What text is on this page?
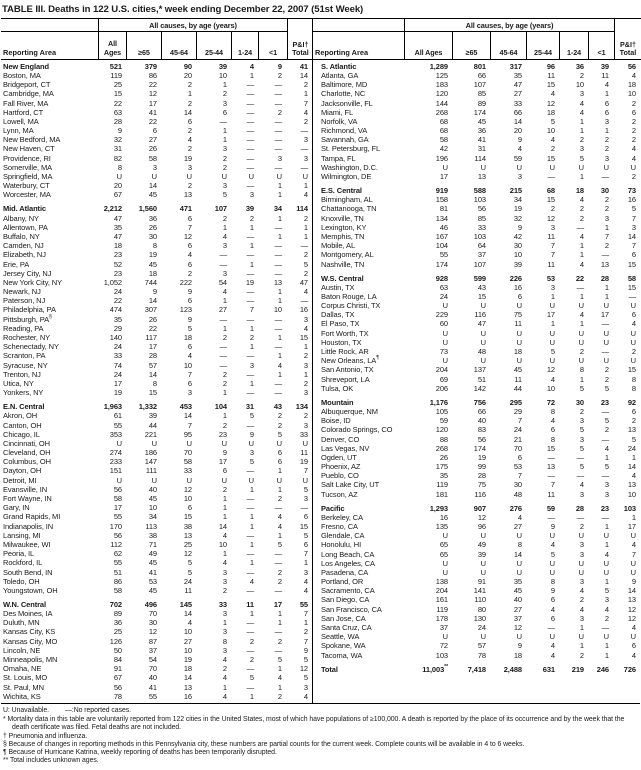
TABLE III. Deaths in 122 U.S. cities,* week ending December 22, 2007 (51st Week)
All causes, by age (years)
P&I†
Total
Reporting Area
All Ages	≥65	45-64	25-44	1-24	<1
New England	521	379	90	39	4	9	41
Boston, MA	119	86	20	10	1	2	14
Bridgeport, CT	25	22	2	1	—	—	2
Cambridge, MA	15	12	1	2	—	—	1
Fall River, MA	22	17	2	3	—	—	7
Hartford, CT	63	41	14	6	—	2	4
Lowell, MA	28	22	6	—	—	—	2
Lynn, MA	9	6	2	1	—	—	—
New Bedford, MA	32	27	4	1	—	—	3
New Haven, CT	31	26	2	3	—	—	—
Providence, RI	82	58	19	2	—	3	3
Somerville, MA	8	3	3	2	—	—	—
Springfield, MA	U	U	U	U	U	U	U
Waterbury, CT	20	14	2	3	—	1	1
Worcester, MA	67	45	13	5	3	1	4
Mid. Atlantic	2,212	1,560	471	107	39	34	114
Albany, NY	47	36	6	2	2	1	2
Allentown, PA	35	26	7	1	1	—	1
Buffalo, NY	47	30	12	4	—	1	1
Camden, NJ	18	8	6	3	1	—	—
Elizabeth, NJ	23	19	4	—	—	—	2
Erie, PA	52	45	6	—	1	—	5
Jersey City, NJ	23	18	2	3	—	—	2
New York City, NY	1,052	744	222	54	19	13	47
Newark, NJ	24	9	9	4	—	1	4
Paterson, NJ	22	14	6	1	—	1	—
Philadelphia, PA	474	307	123	27	7	10	16
Pittsburgh, PA§	35	26	9	—	—	—	3
Reading, PA	29	22	5	1	1	—	4
Rochester, NY	140	117	18	2	2	1	15
Schenectady, NY	24	17	6	—	1	—	1
Scranton, PA	33	28	4	—	—	1	2
Syracuse, NY	74	57	10	—	3	4	3
Trenton, NJ	24	14	7	2	—	1	1
Utica, NY	17	8	6	2	1	—	2
Yonkers, NY	19	15	3	1	—	—	3
E.N. Central	1,963	1,332	453	104	31	43	134
Akron, OH	61	39	14	1	5	2	2
Canton, OH	55	44	7	2	—	2	3
Chicago, IL	353	221	95	23	9	5	33
Cincinnati, OH	U	U	U	U	U	U	U
Cleveland, OH	274	186	70	9	3	6	11
Columbus, OH	233	147	58	17	5	6	19
Dayton, OH	151	111	33	6	—	1	7
Detroit, MI	U	U	U	U	U	U	U
Evansville, IN	56	40	12	2	1	1	5
Fort Wayne, IN	58	45	10	1	—	2	3
Gary, IN	17	10	6	1	—	—	—
Grand Rapids, MI	55	34	15	1	1	4	6
Indianapolis, IN	170	113	38	14	1	4	15
Lansing, MI	56	38	13	4	—	1	5
Milwaukee, WI	112	71	25	10	1	5	6
Peoria, IL	62	49	12	1	—	—	7
Rockford, IL	55	45	5	4	1	—	1
South Bend, IN	51	41	5	3	—	2	3
Toledo, OH	86	53	24	3	4	2	4
Youngstown, OH	58	45	11	2	—	—	4
W.N. Central	702	496	145	33	11	17	55
Des Moines, IA	89	70	14	3	1	1	7
Duluth, MN	36	30	4	1	—	1	1
Kansas City, KS	25	12	10	3	—	—	2
Kansas City, MO	126	87	27	8	2	2	7
Lincoln, NE	50	37	10	3	—	—	9
Minneapolis, MN	84	54	19	4	2	5	5
Omaha, NE	91	70	18	2	—	1	12
St. Louis, MO	67	40	14	4	5	4	5
St. Paul, MN	56	41	13	1	—	1	3
Wichita, KS	78	55	16	4	1	2	4
All causes, by age (years)
P&I†
Total
Reporting Area	All Ages	≥65	45-64	25-44	1-24	<1
S. Atlantic	1,289	801	317	96	36	39	56
Atlanta, GA	125	66	35	11	2	11	4
Baltimore, MD	183	107	47	15	10	4	18
Charlotte, NC	120	85	27	4	3	1	10
Jacksonville, FL	144	89	33	12	4	6	2
Miami, FL	268	174	66	18	4	6	6
Norfolk, VA	68	45	14	5	1	3	2
Richmond, VA	68	36	20	10	1	1	2
Savannah, GA	58	41	9	4	2	2	2
St. Petersburg, FL	42	31	4	2	3	2	4
Tampa, FL	196	114	59	15	5	3	4
Washington, D.C.	U	U	U	U	U	U	U
Wilmington, DE	17	13	3	—	1	—	2
E.S. Central	919	588	215	68	18	30	73
Birmingham, AL	158	103	34	15	4	2	16
Chattanooga, TN	81	56	19	2	2	2	5
Knoxville, TN	134	85	32	12	2	3	7
Lexington, KY	46	33	9	3	—	1	3
Memphis, TN	167	103	42	11	4	7	14
Mobile, AL	104	64	30	7	1	2	7
Montgomery, AL	55	37	10	7	1	—	6
Nashville, TN	174	107	39	11	4	13	15
W.S. Central	928	599	226	53	22	28	58
Austin, TX	63	43	16	3	—	1	15
Baton Rouge, LA	24	15	6	1	1	1	—
Corpus Christi, TX	U	U	U	U	U	U	U
Dallas, TX	229	116	75	17	4	17	6
El Paso, TX	60	47	11	1	1	—	4
Fort Worth, TX	U	U	U	U	U	U	U
Houston, TX	U	U	U	U	U	U	U
Little Rock, AR	73	48	18	5	2	—	2
New Orleans, LA¶	U	U	U	U	U	U	U
San Antonio, TX	204	137	45	12	8	2	15
Shreveport, LA	69	51	11	4	1	2	8
Tulsa, OK	206	142	44	10	5	5	8
Mountain	1,176	756	295	72	30	23	92
Albuquerque, NM	105	66	29	8	2	—	6
Boise, ID	59	40	7	4	3	5	2
Colorado Springs, CO	120	83	24	6	5	2	13
Denver, CO	88	56	21	8	3	—	5
Las Vegas, NV	268	174	70	15	5	4	24
Ogden, UT	26	19	6	—	—	1	1
Phoenix, AZ	175	99	53	13	5	5	14
Pueblo, CO	35	28	7	—	—	—	4
Salt Lake City, UT	119	75	30	7	4	3	13
Tucson, AZ	181	116	48	11	3	3	10
Pacific	1,293	907	276	59	28	23	103
Berkeley, CA	16	12	4	—	—	—	1
Fresno, CA	135	96	27	9	2	1	17
Glendale, CA	U	U	U	U	U	U	U
Honolulu, HI	65	49	8	4	3	1	4
Long Beach, CA	65	39	14	5	3	4	7
Los Angeles, CA	U	U	U	U	U	U	U
Pasadena, CA	U	U	U	U	U	U	U
Portland, OR	138	91	35	8	3	1	9
Sacramento, CA	204	141	45	9	4	5	14
San Diego, CA	161	110	40	6	2	3	13
San Francisco, CA	119	80	27	4	4	4	12
San Jose, CA	178	130	37	6	3	2	12
Santa Cruz, CA	37	24	12	—	1	—	4
Seattle, WA	U	U	U	U	U	U	U
Spokane, WA	72	57	9	4	1	1	6
Tacoma, WA	103	78	18	4	2	1	4
Total	11,003**	7,418	2,488	631	219	246	726
U: Unavailable. —:No reported cases.
* Mortality data in this table are voluntarily reported from 122 cities in the United States, most of which have populations of ≥100,000. A death is reported by the place of its occurrence and by the week that the death certificate was filed. Fetal deaths are not included.
† Pneumonia and influenza.
§ Because of changes in reporting methods in this Pennsylvania city, these numbers are partial counts for the current week. Complete counts will be available in 4 to 6 weeks.
¶ Because of Hurricane Katrina, weekly reporting of deaths has been temporarily disrupted.
** Total includes unknown ages.
